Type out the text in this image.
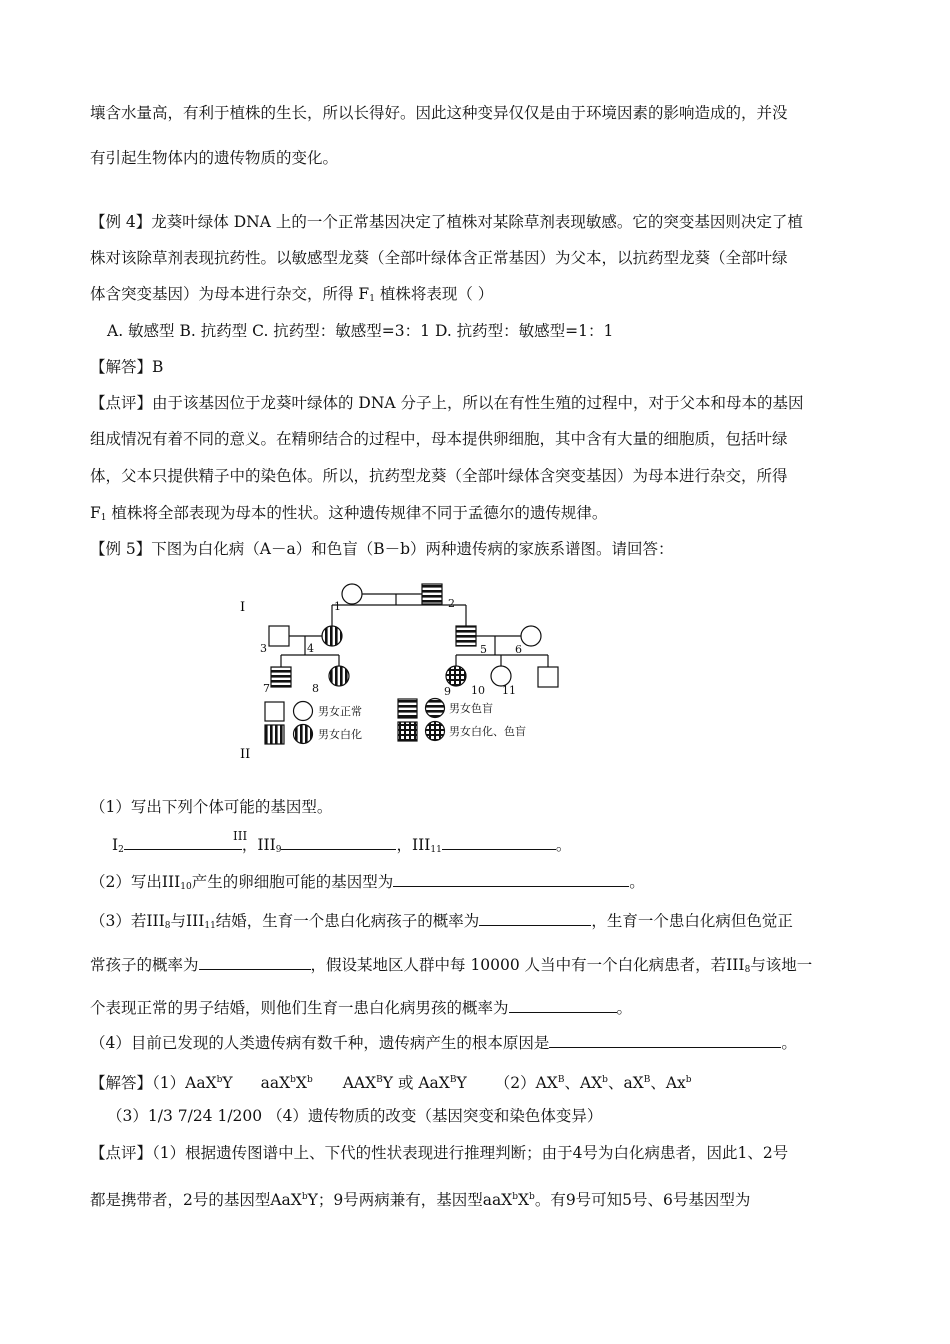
壤含水量高，有利于植株的生长，所以长得好。因此这种变异仅仅是由于环境因素的影响造成的，并没
有引起生物体内的遗传物质的变化。
【例 4】龙葵叶绿体 DNA 上的一个正常基因决定了植株对某除草剂表现敏感。它的突变基因则决定了植
株对该除草剂表现抗药性。以敏感型龙葵（全部叶绿体含正常基因）为父本，以抗药型龙葵（全部叶绿
体含突变基因）为母本进行杂交，所得 $F_1$ 植株将表现（ ）
A. 敏感型 B. 抗药型 C. 抗药型：敏感型=3：1 D. 抗药型：敏感型=1：1
【解答】B
【点评】由于该基因位于龙葵叶绿体的 DNA 分子上，所以在有性生殖的过程中，对于父本和母本的基因
组成情况有着不同的意义。在精卵结合的过程中，母本提供卵细胞，其中含有大量的细胞质，包括叶绿
体，父本只提供精子中的染色体。所以，抗药型龙葵（全部叶绿体含突变基因）为母本进行杂交，所得
$F_1$ 植株将全部表现为母本的性状。这种遗传规律不同于孟德尔的遗传规律。
【例 5】下图为白化病（A－a）和色盲（B－b）两种遗传病的家族系谱图。请回答：
I
II
1	2
3	4	5	6
7	8	9 10 11
男女正常
男女白化
男女色盲
男女白化、色盲
（1）写出下列个体可能的基因型。
$I_2$	，$III_9$	，$III_{11}$	。
III
（2）写出$III_{10}$产生的卵细胞可能的基因型为	。
（3）若$III_8$与$III_{11}$结婚，生育一个患白化病孩子的概率为	，生育一个患白化病但色觉正
常孩子的概率为	，假设某地区人群中每 10000 人当中有一个白化病患者，若$III_8$与该地一
个表现正常的男子结婚，则他们生育一患白化病男孩的概率为	。
（4）目前已发现的人类遗传病有数千种，遗传病产生的根本原因是	。
【解答】（1）AaX$^b$Y $aaX^bX^b$ $AAX^BY$ 或 AaX$^B$Y $(2)AX^B$、$AX^b$、$aX^B$、Ax$^b$
（3）1/3 7/24 1/200 （4）遗传物质的改变（基因突变和染色体变异）
【点评】（1）根据遗传图谱中上、下代的性状表现进行推理判断；由于4号为白化病患者，因此1、2号
都是携带者，2号的基因型AaX$^b$Y；9号两病兼有，基因型$aaX^bX^b$。有9号可知5号、6号基因型为
